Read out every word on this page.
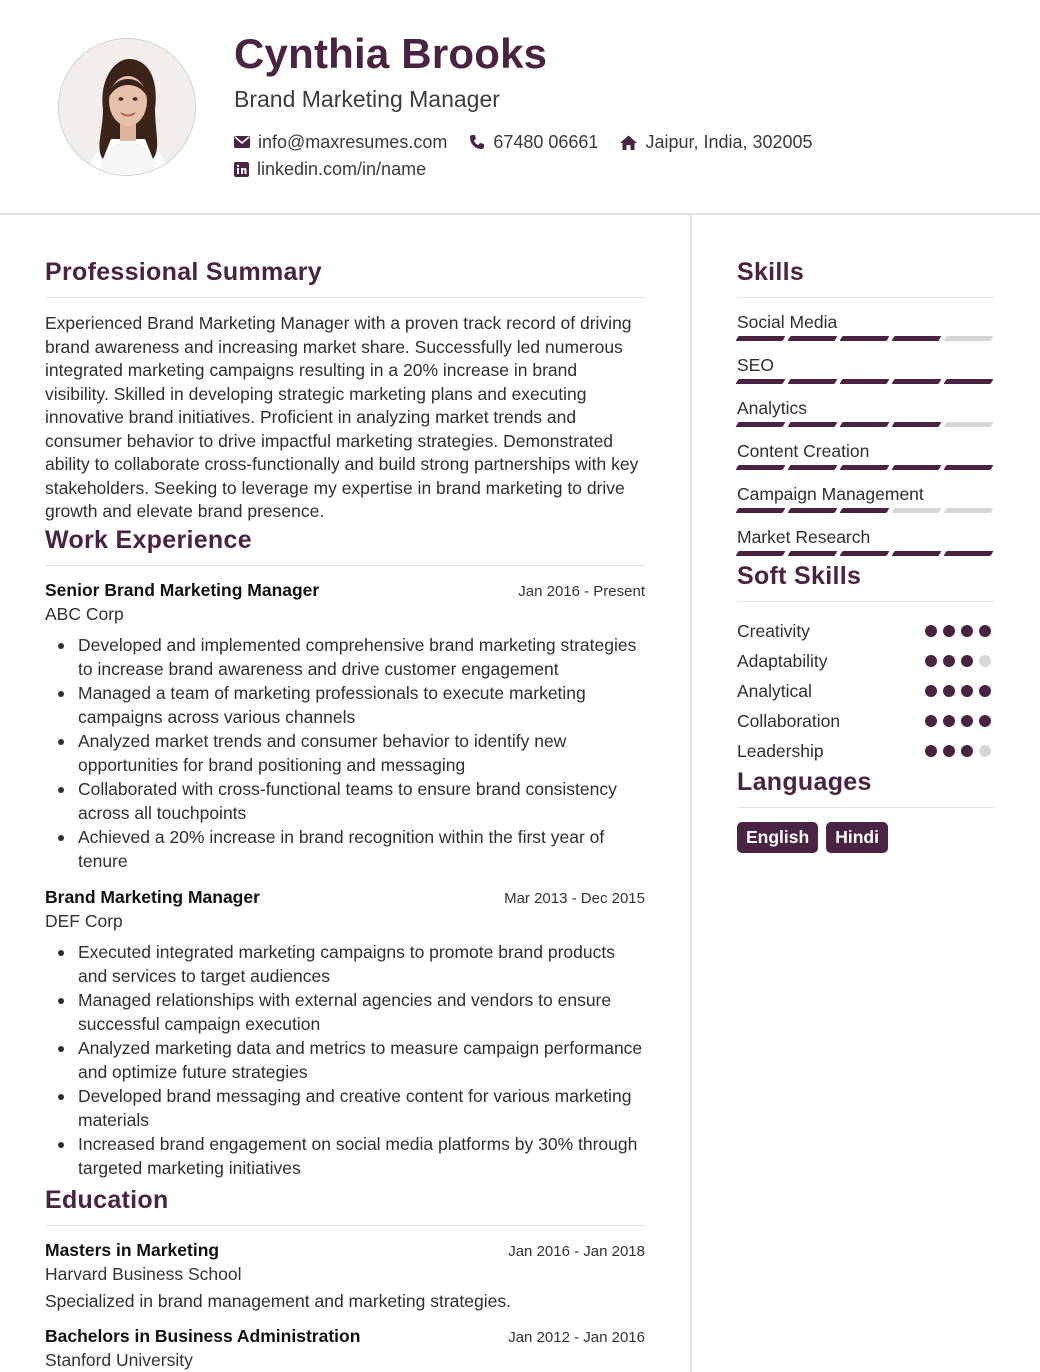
Cynthia Brooks
Brand Marketing Manager
info@maxresumes.com	67480 06661	Jaipur, India, 302005
linkedin.com/in/name
Professional Summary
Experienced Brand Marketing Manager with a proven track record of driving brand awareness and increasing market share. Successfully led numerous integrated marketing campaigns resulting in a 20% increase in brand visibility. Skilled in developing strategic marketing plans and executing innovative brand initiatives. Proficient in analyzing market trends and consumer behavior to drive impactful marketing strategies. Demonstrated ability to collaborate cross-functionally and build strong partnerships with key stakeholders. Seeking to leverage my expertise in brand marketing to drive growth and elevate brand presence.
Work Experience
Senior Brand Marketing Manager	Jan 2016 - Present
ABC Corp
Developed and implemented comprehensive brand marketing strategies to increase brand awareness and drive customer engagement
Managed a team of marketing professionals to execute marketing campaigns across various channels
Analyzed market trends and consumer behavior to identify new opportunities for brand positioning and messaging
Collaborated with cross-functional teams to ensure brand consistency across all touchpoints
Achieved a 20% increase in brand recognition within the first year of tenure
Brand Marketing Manager	Mar 2013 - Dec 2015
DEF Corp
Executed integrated marketing campaigns to promote brand products and services to target audiences
Managed relationships with external agencies and vendors to ensure successful campaign execution
Analyzed marketing data and metrics to measure campaign performance and optimize future strategies
Developed brand messaging and creative content for various marketing materials
Increased brand engagement on social media platforms by 30% through targeted marketing initiatives
Education
Masters in Marketing	Jan 2016 - Jan 2018
Harvard Business School
Specialized in brand management and marketing strategies.
Bachelors in Business Administration	Jan 2012 - Jan 2016
Stanford University
Skills
Social Media
SEO
Analytics
Content Creation
Campaign Management
Market Research
Soft Skills
Creativity
Adaptability
Analytical
Collaboration
Leadership
Languages
English	Hindi
